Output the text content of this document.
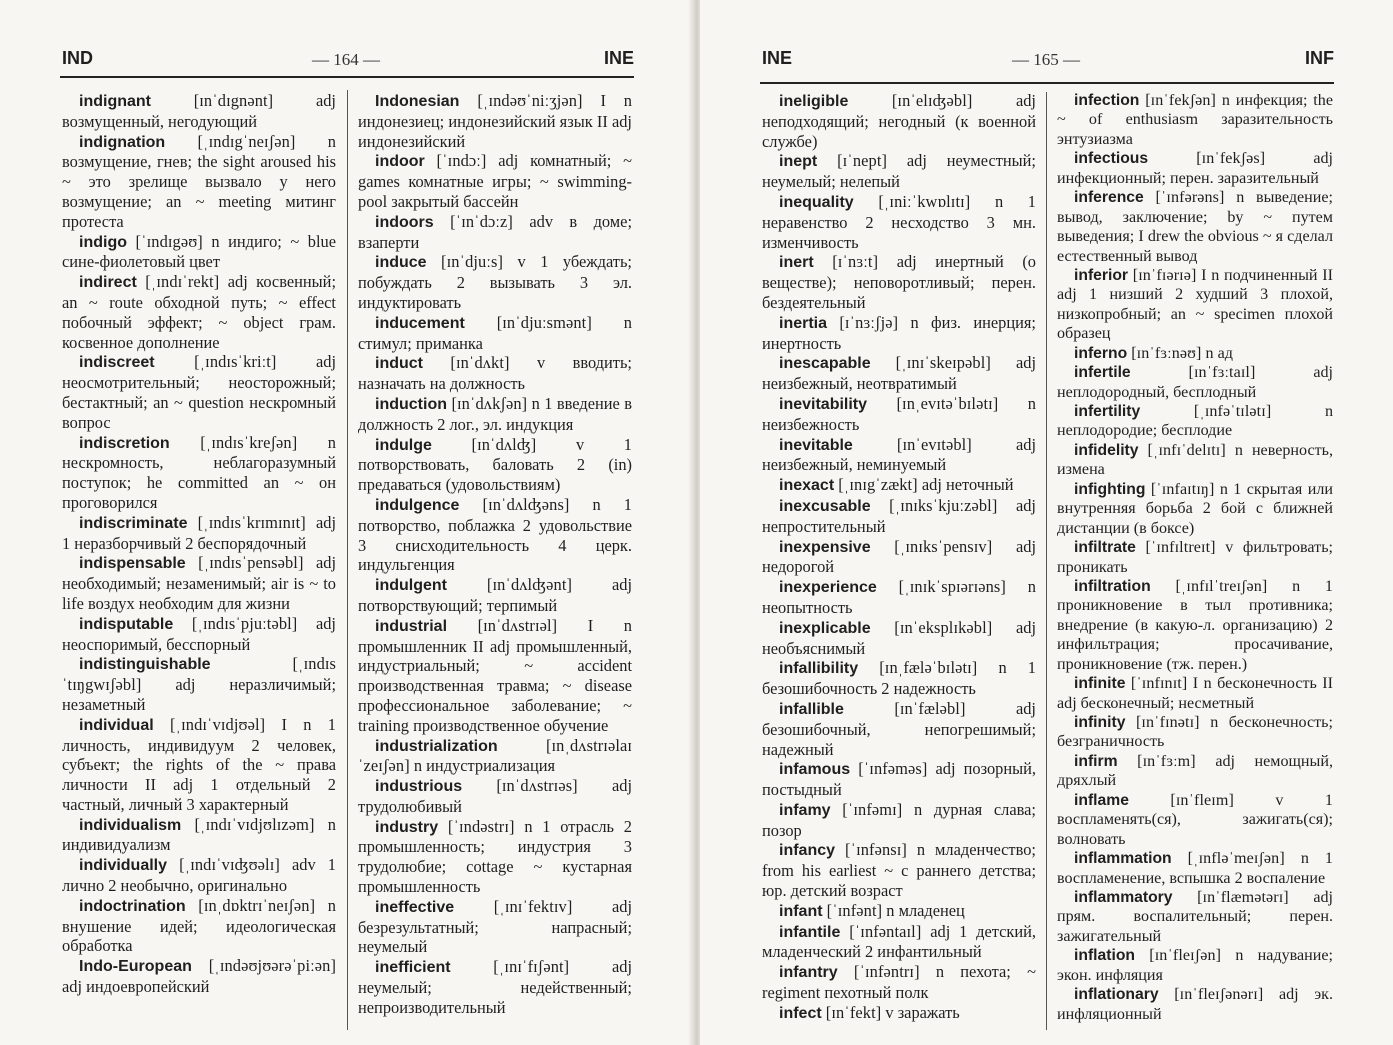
IND	— 164 —	INE

indignant	[ɪnˈdɪgnənt]	adj возмущенный, негодующий

indignation [ˌɪndɪgˈneɪʃən] n возмущение, гнев; the sight aroused his ~ это зрелище вызвало у него возмущение; an ~ meeting митинг протеста

indigo [ˈɪndɪgəʊ] n индиго; ~ blue сине-фиолетовый цвет

indirect [ˌɪndɪˈrekt] adj косвенный; an ~ route обходной путь; ~ effect побочный эффект; ~ object грам. косвенное дополнение

indiscreet [ˌɪndɪsˈkriːt] adj неосмотрительный; неосторожный; бестактный; an ~ question нескромный вопрос

indiscretion [ˌɪndɪsˈkreʃən] n нескромность, неблагоразумный поступок; he committed an ~ он проговорился

indiscriminate [ˌɪndɪsˈkrɪmɪnɪt] adj 1 неразборчивый 2 беспорядочный

indispensable [ˌɪndɪsˈpensəbl] adj необходимый; незаменимый; air is ~ to life воздух необходим для жизни

indisputable [ˌɪndɪsˈpjuːtəbl] adj неоспоримый, бесспорный

indistinguishable	[ˌɪndɪsˈtɪŋgwɪʃəbl] adj неразличимый; незаметный

individual [ˌɪndɪˈvɪdjʊəl] I n 1 личность, индивидуум 2 человек, субъект; the rights of the ~ права личности II adj 1 отдельный 2 частный, личный 3 характерный

individualism [ˌɪndɪˈvɪdjʊlɪzəm] n индивидуализм

individually [ˌɪndɪˈvɪʤʊəlɪ] adv 1 лично 2 необычно, оригинально

indoctrination [ɪnˌdɒktrɪˈneɪʃən] n внушение идей; идеологическая обработка

Indo-European [ˌɪndəʊjʊərəˈpiːən] adj индоевропейский

Indonesian [ˌɪndəʊˈniːʒjən] I n индонезиец; индонезийский язык II adj индонезийский

indoor [ˈɪndɔː] adj комнатный; ~ games комнатные игры; ~ swimming-pool закрытый бассейн

indoors [ˈɪnˈdɔːz] adv в доме; взаперти

induce [ɪnˈdjuːs] v 1 убеждать; побуждать 2 вызывать 3 эл. индуктировать

inducement [ɪnˈdjuːsmənt] n стимул; приманка

induct [ɪnˈdʌkt] v вводить; назначать на должность

induction [ɪnˈdʌkʃən] n 1 введение в должность 2 лог., эл. индукция

indulge [ɪnˈdʌlʤ] v 1 потворствовать, баловать 2 (in) предаваться (удовольствиям)

indulgence [ɪnˈdʌlʤəns] n 1 потворство, поблажка 2 удовольствие 3 снисходительность 4 церк. индульгенция

indulgent [ɪnˈdʌlʤənt] adj потворствующий; терпимый

industrial [ɪnˈdʌstrɪəl] I n промышленник II adj промышленный, индустриальный; ~ accident производственная травма; ~ disease профессиональное заболевание; ~ training производственное обучение

industrialization	[ɪnˌdʌstrɪəlaɪˈzeɪʃən] n индустриализация

industrious [ɪnˈdʌstrɪəs] adj трудолюбивый

industry [ˈɪndəstrɪ] n 1 отрасль 2 промышленность; индустрия 3 трудолюбие; cottage ~ кустарная промышленность

ineffective [ˌɪnɪˈfektɪv] adj безрезультатный; напрасный; неумелый

inefficient	[ˌɪnɪˈfɪʃənt]	adj неумелый; недейственный; непроизводительный

INE	— 165 —	INF

ineligible	[ɪnˈelɪʤəbl]	adj неподходящий; негодный (к военной службе)

inept [ɪˈnept] adj неуместный; неумелый; нелепый

inequality [ˌɪniːˈkwɒlɪtɪ] n 1 неравенство 2 несходство 3 мн. изменчивость

inert [ɪˈnɜːt] adj инертный (о веществе); неповоротливый; перен. бездеятельный

inertia [ɪˈnɜːʃjə] n физ. инерция; инертность

inescapable [ˌɪnɪˈskeɪpəbl] adj неизбежный, неотвратимый

inevitability [ɪnˌevɪtəˈbɪlətɪ] n неизбежность

inevitable	[ɪnˈevɪtəbl]	adj неизбежный, неминуемый

inexact [ˌɪnɪgˈzækt] adj неточный

inexcusable [ˌɪnɪksˈkjuːzəbl] adj непростительный

inexpensive [ˌɪnɪksˈpensɪv] adj недорогой

inexperience [ˌɪnɪkˈspɪərɪəns] n неопытность

inexplicable [ɪnˈeksplɪkəbl] adj необъяснимый

infallibility [ɪnˌfæləˈbɪlətɪ] n 1 безошибочность 2 надежность

infallible	[ɪnˈfæləbl]	adj безошибочный, непогрешимый; надежный

infamous [ˈɪnfəməs] adj позорный, постыдный

infamy [ˈɪnfəmɪ] n дурная слава; позор

infancy [ˈɪnfənsɪ] n младенчество; from his earliest ~ с раннего детства; юр. детский возраст

infant [ˈɪnfənt] n младенец

infantile [ˈɪnfəntaɪl] adj 1 детский, младенческий 2 инфантильный

infantry [ˈɪnfəntrɪ] n пехота; ~ regiment пехотный полк

infect [ɪnˈfekt] v заражать

infection [ɪnˈfekʃən] n инфекция; the ~ of enthusiasm заразительность энтузиазма

infectious	[ɪnˈfekʃəs]	adj инфекционный; перен. заразительный

inference [ˈɪnfərəns] n выведение; вывод, заключение; by ~ путем выведения; I drew the obvious ~ я сделал естественный вывод

inferior [ɪnˈfɪərɪə] I n подчиненный II adj 1 низший 2 худший 3 плохой, низкопробный; an ~ specimen плохой образец

inferno [ɪnˈfɜːnəʊ] n ад

infertile	[ɪnˈfɜːtaɪl]	adj неплодородный, бесплодный

infertility	[ˌɪnfəˈtɪlətɪ]	n неплодородие; бесплодие

infidelity [ˌɪnfɪˈdelɪtɪ] n неверность, измена

infighting [ˈɪnfaɪtɪŋ] n 1 скрытая или внутренняя борьба 2 бой с ближней дистанции (в боксе)

infiltrate [ˈɪnfɪltreɪt] v фильтровать; проникать

infiltration [ˌɪnfɪlˈtreɪʃən] n 1 проникновение в тыл противника; внедрение (в какую-л. организацию) 2 инфильтрация; просачивание, проникновение (тж. перен.)

infinite [ˈɪnfɪnɪt] I n бесконечность II adj бесконечный; несметный

infinity [ɪnˈfɪnətɪ] n бесконечность; безграничность

infirm [ɪnˈfɜːm] adj немощный, дряхлый

inflame	[ɪnˈfleɪm]	v 1 воспламенять(ся), зажигать(ся); волновать

inflammation [ˌɪnfləˈmeɪʃən] n 1 воспламенение, вспышка 2 воспаление

inflammatory [ɪnˈflæmətərɪ] adj прям. воспалительный; перен. зажигательный

inflation [ɪnˈfleɪʃən] n надувание; экон. инфляция

inflationary [ɪnˈfleɪʃənərɪ] adj эк. инфляционный
